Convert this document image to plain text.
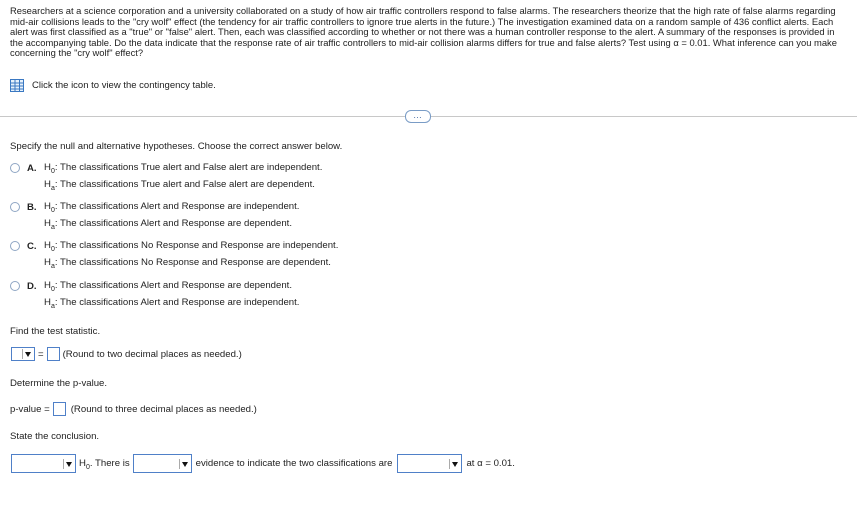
Researchers at a science corporation and a university collaborated on a study of how air traffic controllers respond to false alarms. The researchers theorize that the high rate of false alarms regarding mid-air collisions leads to the "cry wolf" effect (the tendency for air traffic controllers to ignore true alerts in the future.) The investigation examined data on a random sample of 436 conflict alerts. Each alert was first classified as a "true" or "false" alert. Then, each was classified according to whether or not there was a human controller response to the alert. A summary of the responses is provided in the accompanying table. Do the data indicate that the response rate of air traffic controllers to mid-air collision alarms differs for true and false alerts? Test using α = 0.01. What inference can you make concerning the "cry wolf" effect?
Click the icon to view the contingency table.
…
Specify the null and alternative hypotheses. Choose the correct answer below.
A. $H_0$: The classifications True alert and False alert are independent.
$H_a$: The classifications True alert and False alert are dependent.
B. $H_0$: The classifications Alert and Response are independent.
$H_a$: The classifications Alert and Response are dependent.
C. $H_0$: The classifications No Response and Response are independent.
$H_a$: The classifications No Response and Response are dependent.
D. $H_0$: The classifications Alert and Response are dependent.
$H_a$: The classifications Alert and Response are independent.
Find the test statistic.
= (Round to two decimal places as needed.)
Determine the p-value.
p-value = (Round to three decimal places as needed.)
State the conclusion.
$H_0$. There is	evidence to indicate the two classifications are	at α = 0.01.
